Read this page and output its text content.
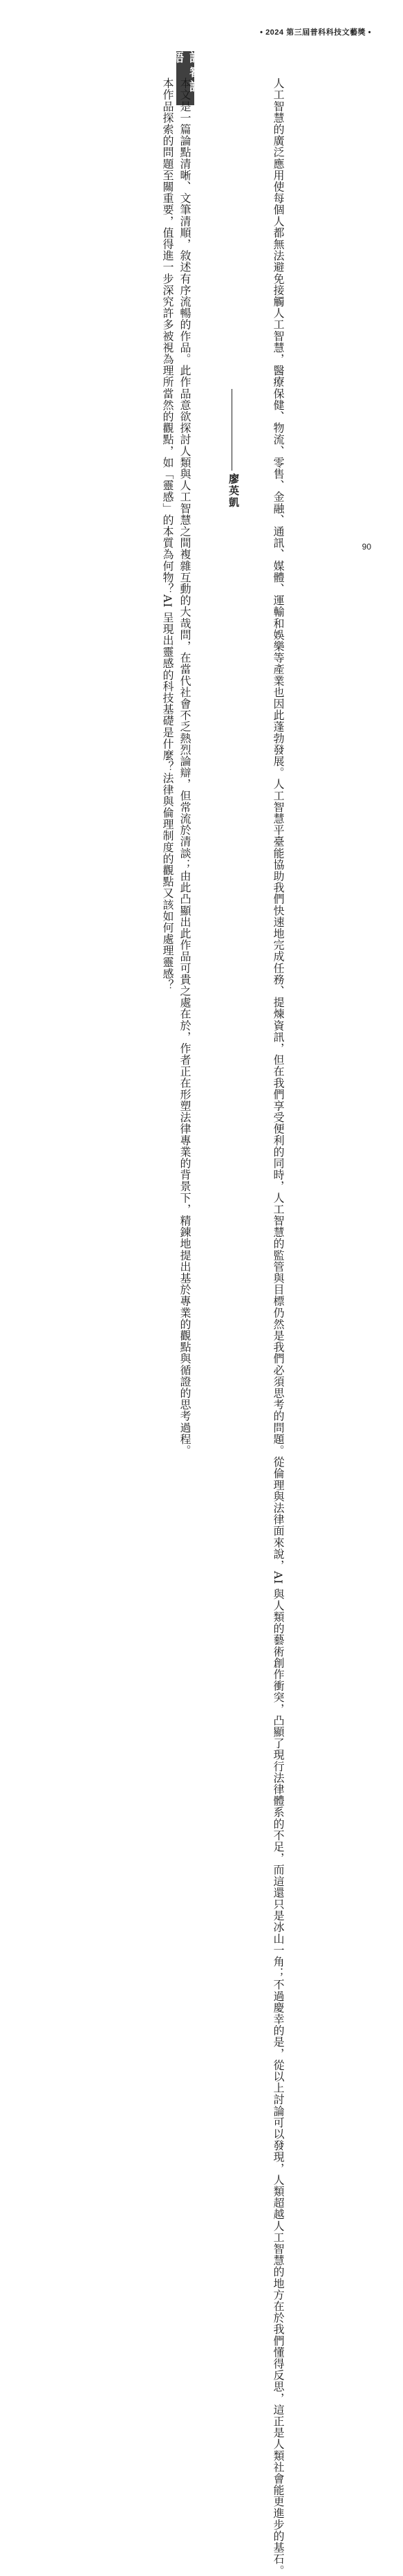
• 2024 第三屆普科科技文藝獎 •

人工智慧的廣泛應用使每個人都無法避免接觸人工智慧，醫療保健、物流、零售、金融、通訊、媒體、運輸和娛樂等產業也因此蓬勃發展。人工智慧平臺能協助我們快速地完成任務、提煉資訊，但在我們享受便利的同時，人工智慧的監管與目標仍然是我們必須思考的問題。從倫理與法律面來說，AI 與人類的藝術創作衝突，凸顯了現行法律體系的不足，而這還只是冰山一角；不過慶幸的是，從以上討論可以發現，人類超越人工智慧的地方在於我們懂得反思，這正是人類社會能更進步的基石。

評審評語

本文是一篇論點清晰、文筆清順，敘述有序流暢的作品。此作品意欲探討人類與人工智慧之間複雜互動的大哉問，在當代社會不乏熱烈論辯，但常流於清談；由此凸顯出此作品可貴之處在於，作者正在形塑法律專業的背景下，精鍊地提出基於專業的觀點與循證的思考過程。

本作品探索的問題至關重要，值得進一步深究許多被視為理所當然的觀點，如「靈感」的本質為何物？AI 呈現出靈感的科技基礎是什麼？法律與倫理制度的觀點又該如何處理靈感？	廖英凱
90
